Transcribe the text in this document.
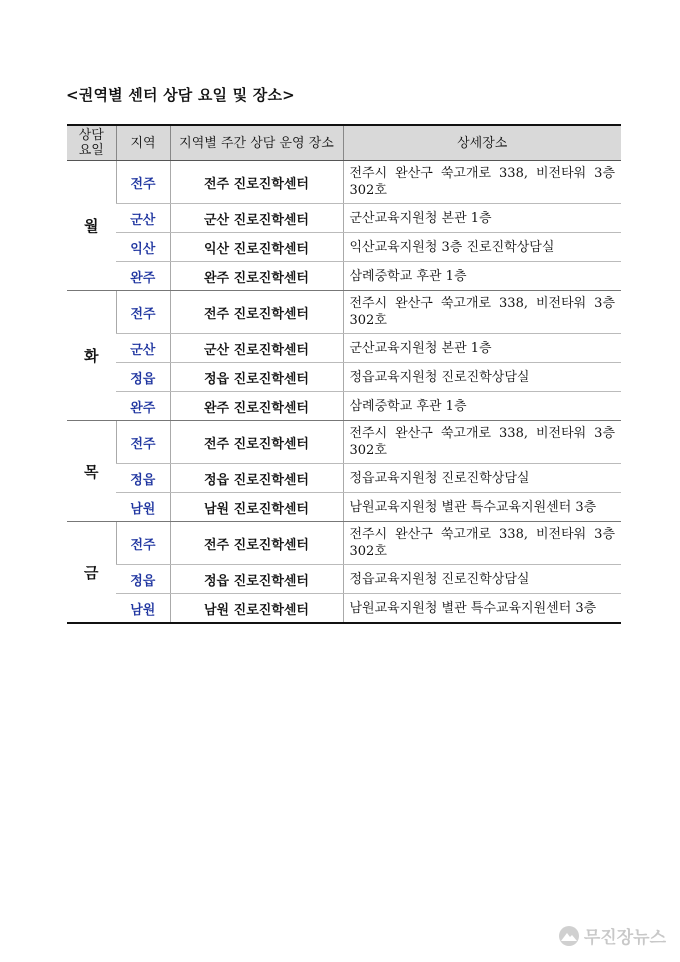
<권역별 센터 상담 요일 및 장소>
상담
요일	지역	지역별 주간 상담 운영 장소	상세장소
월	전주	전주 진로진학센터	전주시 완산구 쑥고개로 338, 비전타워 3층 302호
	군산	군산 진로진학센터	군산교육지원청 본관 1층
	익산	익산 진로진학센터	익산교육지원청 3층 진로진학상담실
	완주	완주 진로진학센터	삼례중학교 후관 1층
화	전주	전주 진로진학센터	전주시 완산구 쑥고개로 338, 비전타워 3층 302호
	군산	군산 진로진학센터	군산교육지원청 본관 1층
	정읍	정읍 진로진학센터	정읍교육지원청 진로진학상담실
	완주	완주 진로진학센터	삼례중학교 후관 1층
목	전주	전주 진로진학센터	전주시 완산구 쑥고개로 338, 비전타워 3층 302호
	정읍	정읍 진로진학센터	정읍교육지원청 진로진학상담실
	남원	남원 진로진학센터	남원교육지원청 별관 특수교육지원센터 3층
금	전주	전주 진로진학센터	전주시 완산구 쑥고개로 338, 비전타워 3층 302호
	정읍	정읍 진로진학센터	정읍교육지원청 진로진학상담실
	남원	남원 진로진학센터	남원교육지원청 별관 특수교육지원센터 3층
무진장뉴스
